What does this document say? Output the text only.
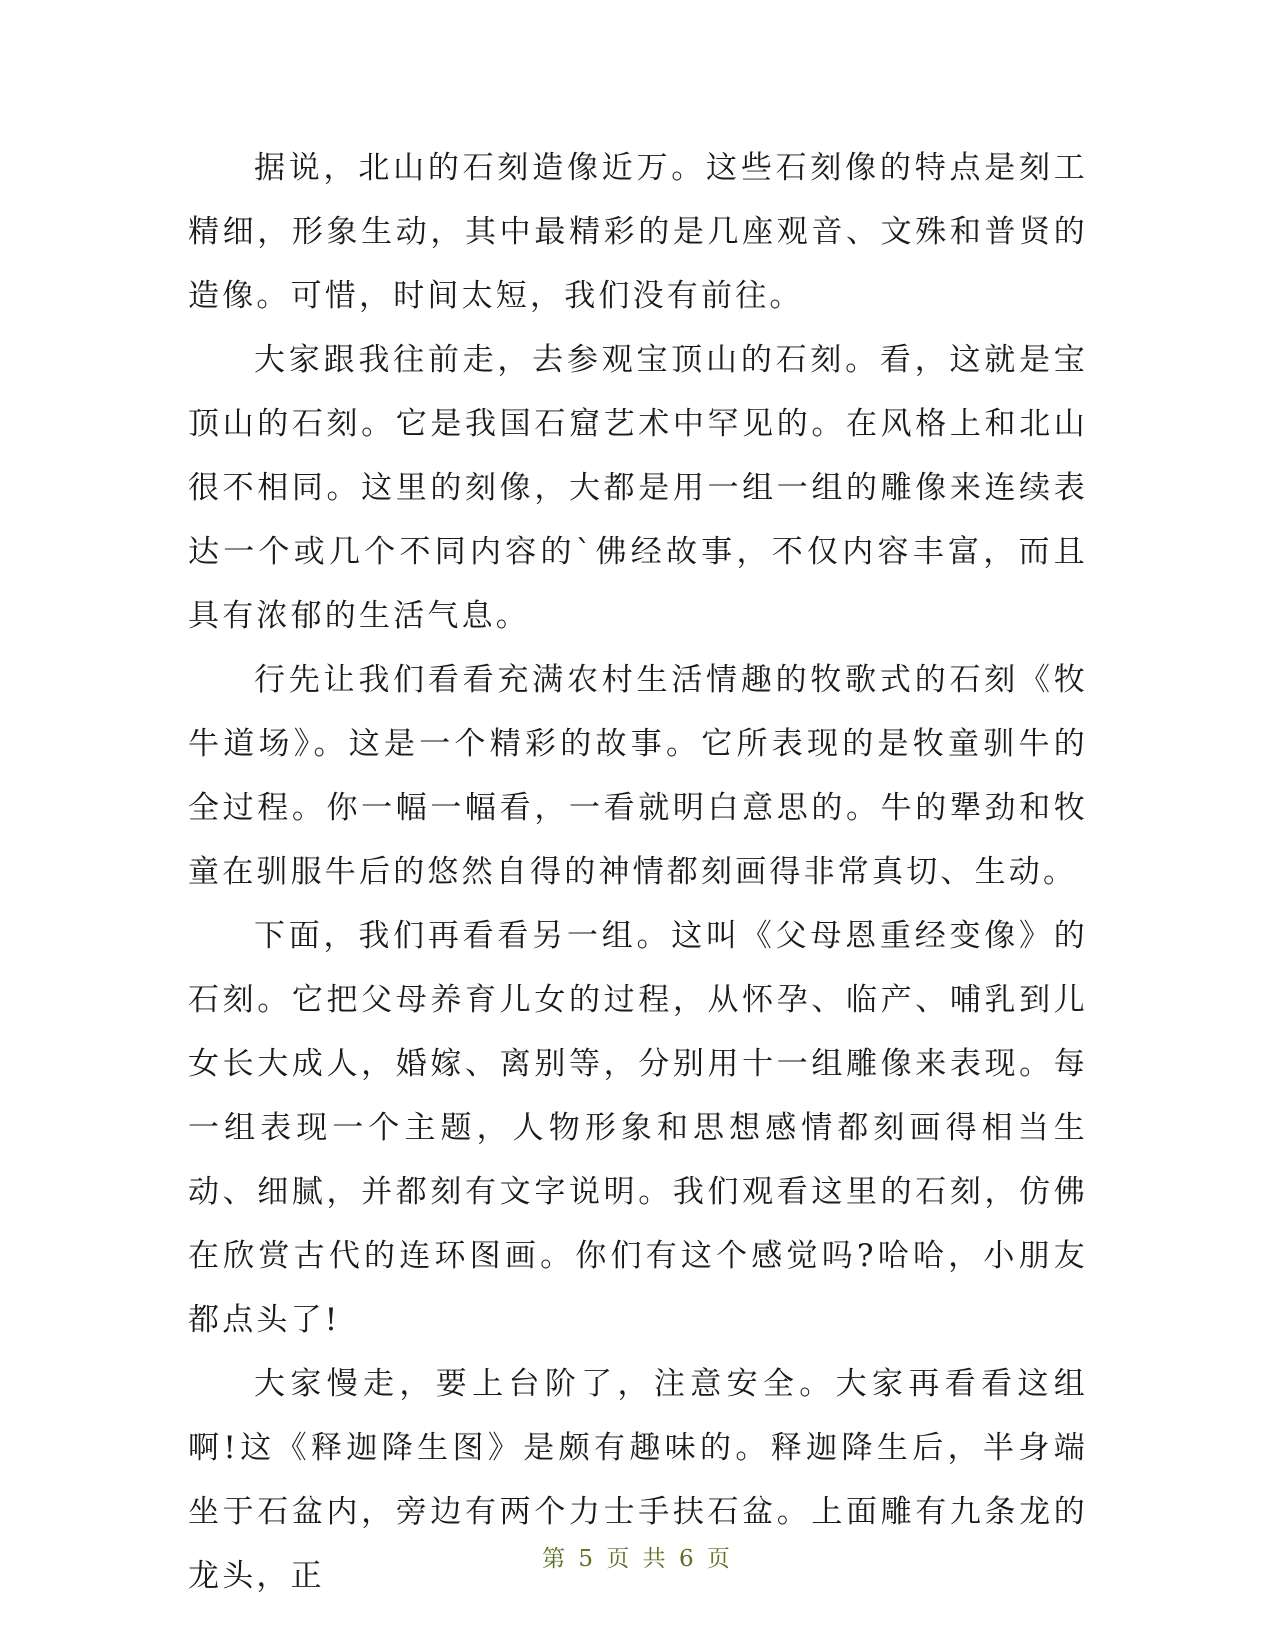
据说，北山的石刻造像近万。这些石刻像的特点是刻工精细，形象生动，其中最精彩的是几座观音、文殊和普贤的造像。可惜，时间太短，我们没有前往。

大家跟我往前走，去参观宝顶山的石刻。看，这就是宝顶山的石刻。它是我国石窟艺术中罕见的。在风格上和北山很不相同。这里的刻像，大都是用一组一组的雕像来连续表达一个或几个不同内容的`佛经故事，不仅内容丰富，而且具有浓郁的生活气息。

行先让我们看看充满农村生活情趣的牧歌式的石刻《牧牛道场》。这是一个精彩的故事。它所表现的是牧童驯牛的全过程。你一幅一幅看，一看就明白意思的。牛的犟劲和牧童在驯服牛后的悠然自得的神情都刻画得非常真切、生动。

下面，我们再看看另一组。这叫《父母恩重经变像》的石刻。它把父母养育儿女的过程，从怀孕、临产、哺乳到儿女长大成人，婚嫁、离别等，分别用十一组雕像来表现。每一组表现一个主题，人物形象和思想感情都刻画得相当生动、细腻，并都刻有文字说明。我们观看这里的石刻，仿佛在欣赏古代的连环图画。你们有这个感觉吗?哈哈，小朋友都点头了!

大家慢走，要上台阶了，注意安全。大家再看看这组啊!这《释迦降生图》是颇有趣味的。释迦降生后，半身端坐于石盆内，旁边有两个力士手扶石盆。上面雕有九条龙的龙头，正	第 5 页 共 6 页
